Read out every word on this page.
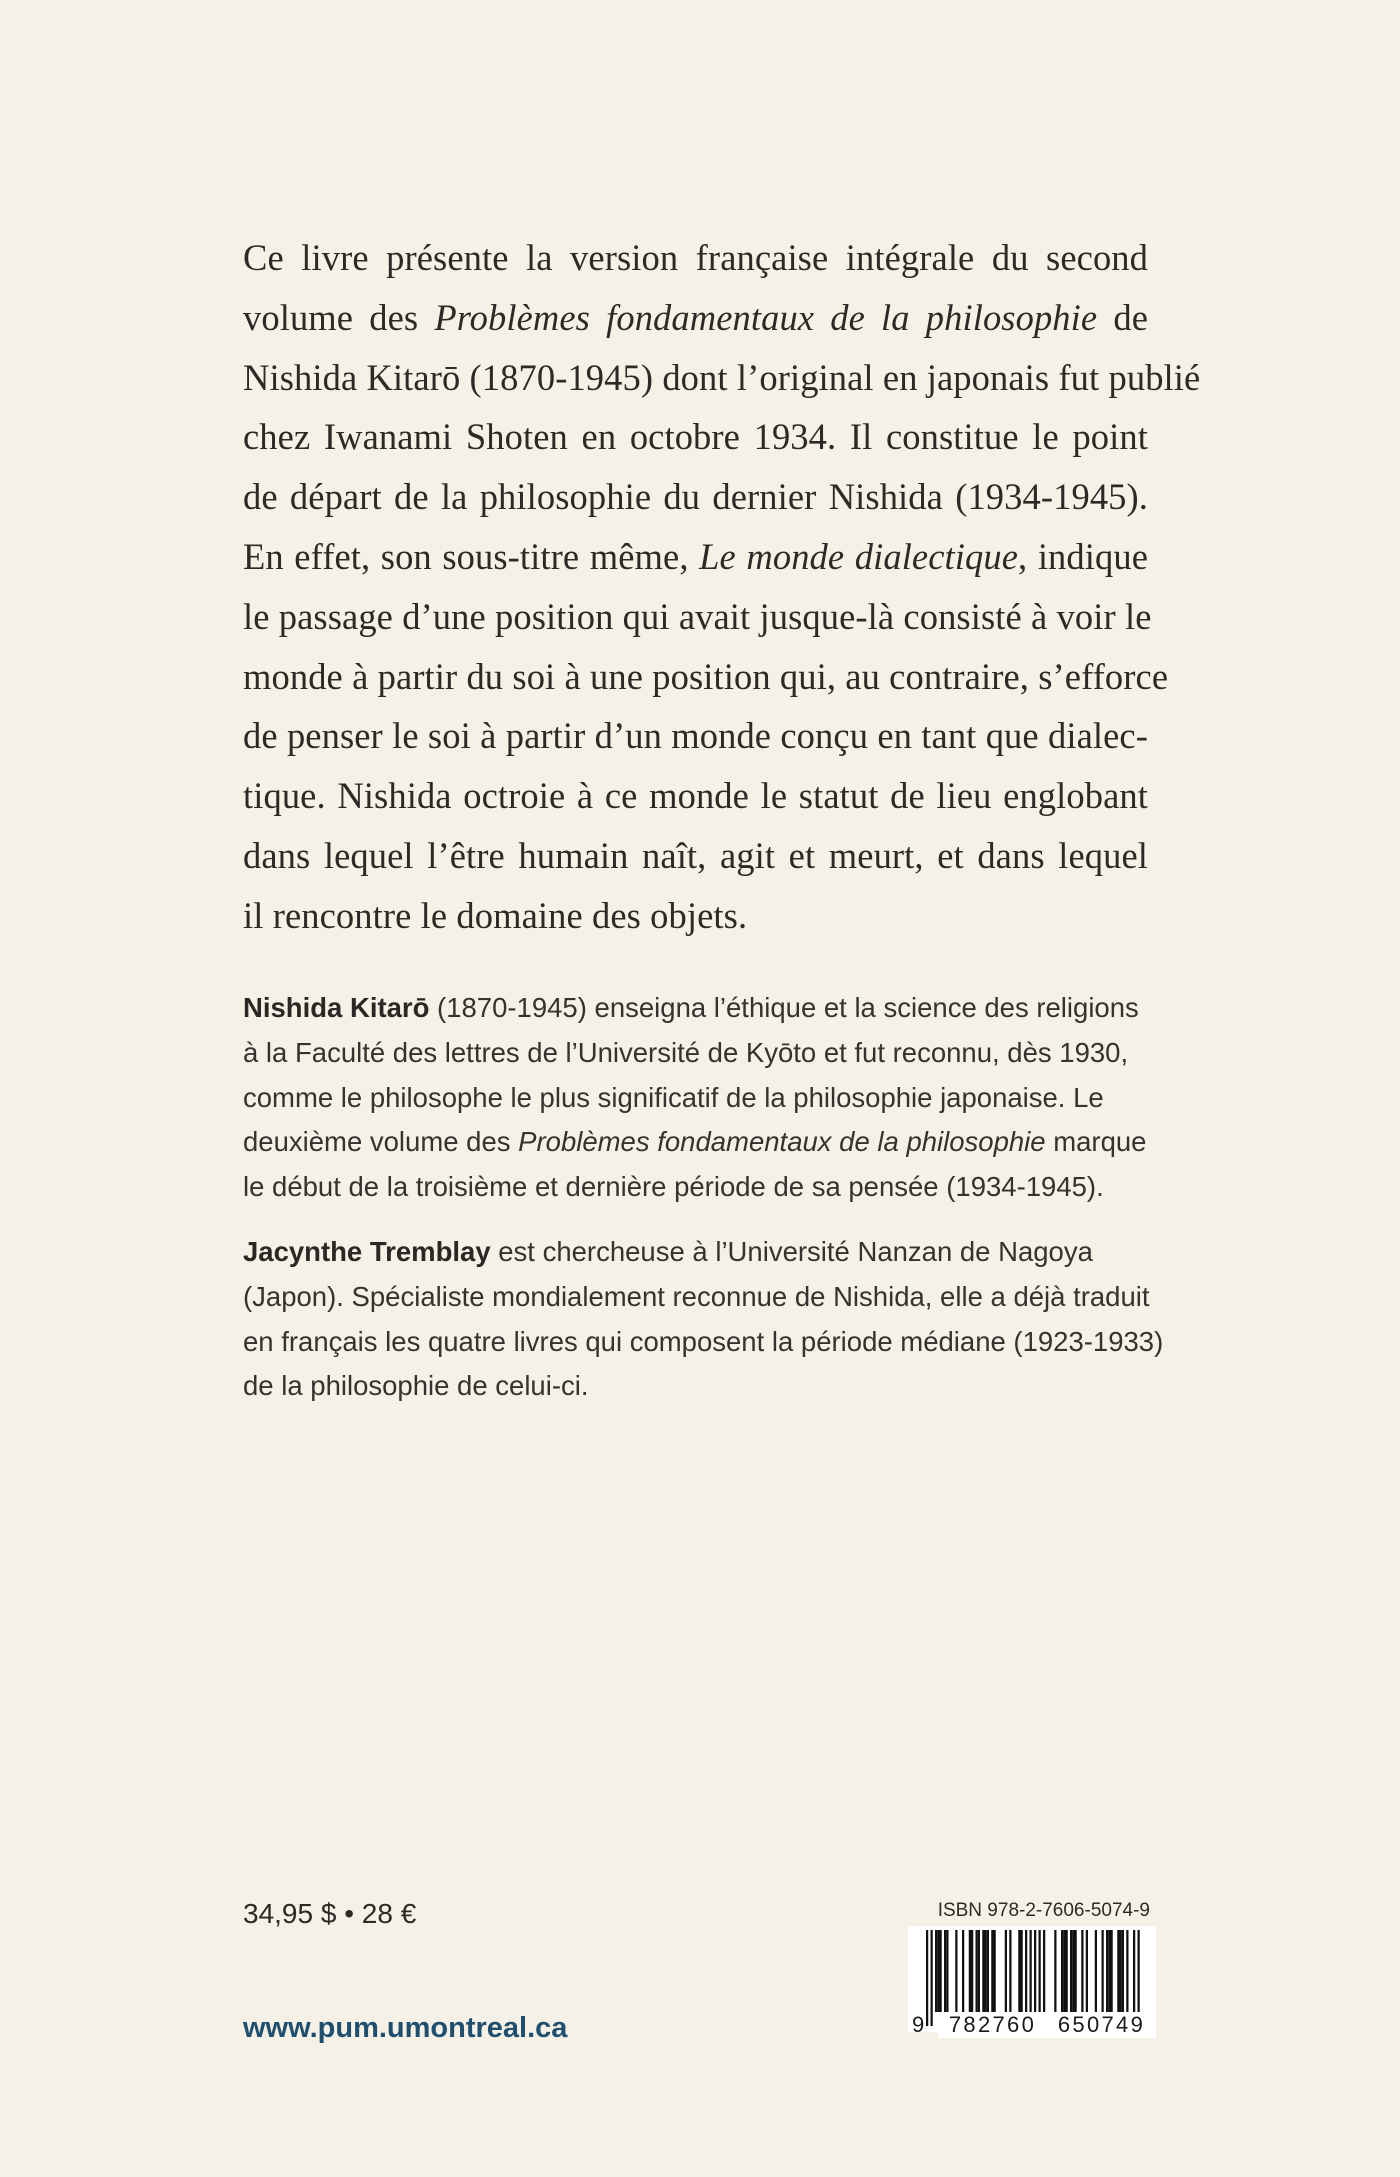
Ce livre présente la version française intégrale du second
volume des Problèmes fondamentaux de la philosophie de
Nishida Kitarō (1870-1945) dont l’original en japonais fut publié
chez Iwanami Shoten en octobre 1934. Il constitue le point
de départ de la philosophie du dernier Nishida (1934-1945).
En effet, son sous-titre même, Le monde dialectique, indique
le passage d’une position qui avait jusque-là consisté à voir le
monde à partir du soi à une position qui, au contraire, s’efforce
de penser le soi à partir d’un monde conçu en tant que dialec-
tique. Nishida octroie à ce monde le statut de lieu englobant
dans lequel l’être humain naît, agit et meurt, et dans lequel
il rencontre le domaine des objets.

Nishida Kitarō (1870-1945) enseigna l’éthique et la science des religions
à la Faculté des lettres de l’Université de Kyōto et fut reconnu, dès 1930,
comme le philosophe le plus significatif de la philosophie japonaise. Le
deuxième volume des Problèmes fondamentaux de la philosophie marque
le début de la troisième et dernière période de sa pensée (1934-1945).

Jacynthe Tremblay est chercheuse à l’Université Nanzan de Nagoya
(Japon). Spécialiste mondialement reconnue de Nishida, elle a déjà traduit
en français les quatre livres qui composent la période médiane (1923-1933)
de la philosophie de celui-ci.

34,95 $ • 28 €
www.pum.umontreal.ca
ISBN 978-2-7606-5074-9
9	782760 650749
